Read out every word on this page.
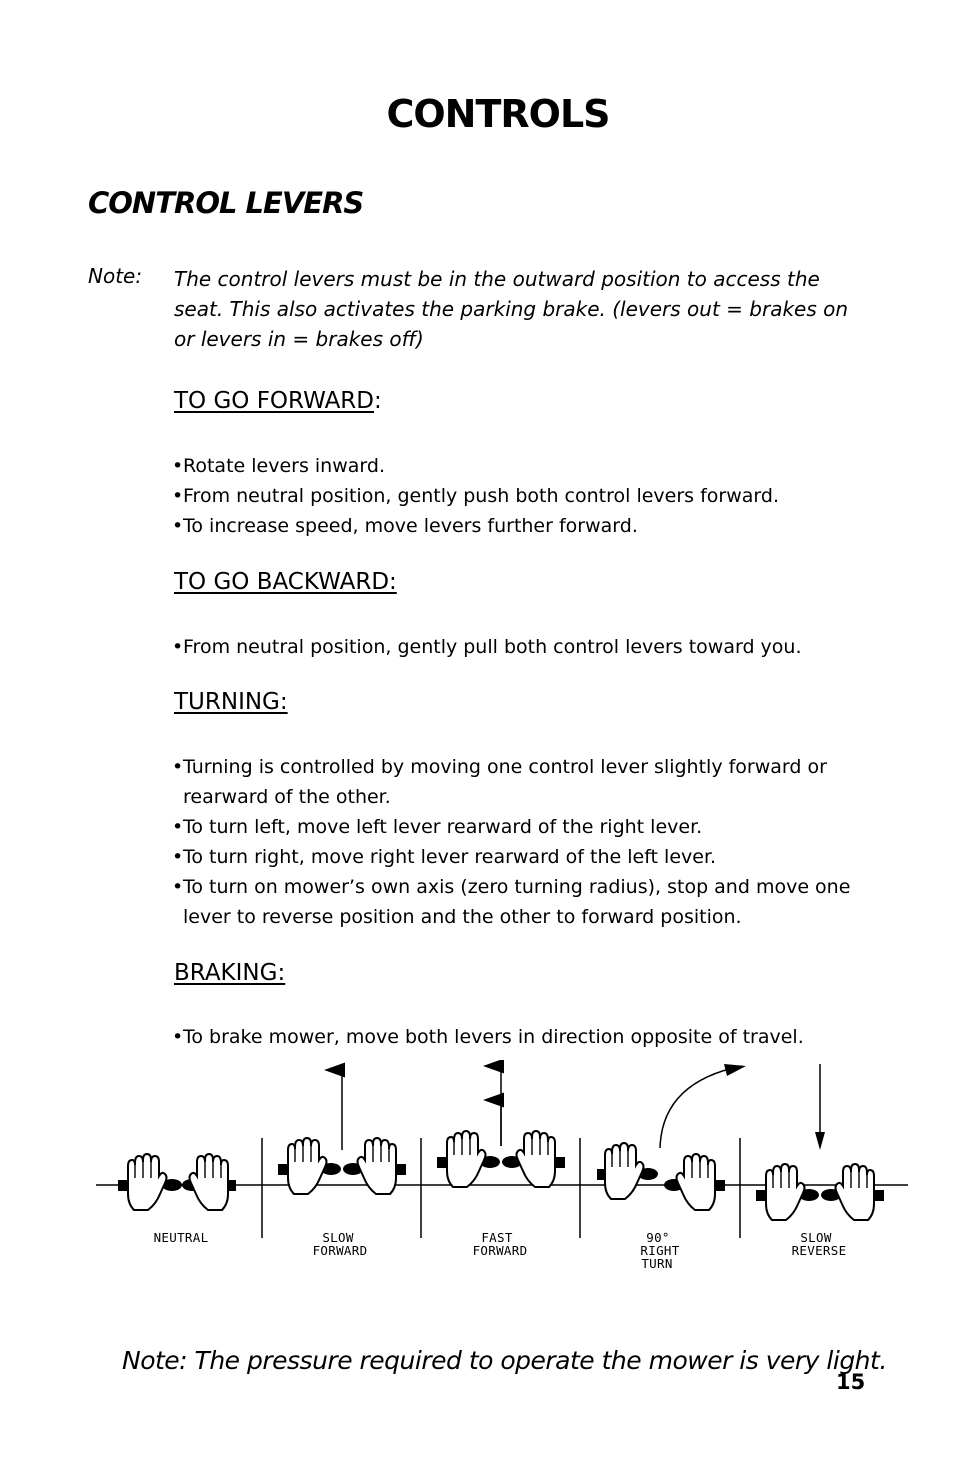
CONTROLS
CONTROL LEVERS
Note: The control levers must be in the outward position to access the seat. This also activates the parking brake. (levers out = brakes on or levers in = brakes off)
TO GO FORWARD:
• Rotate levers inward.
• From neutral position, gently push both control levers forward.
• To increase speed, move levers further forward.
TO GO BACKWARD:
• From neutral position, gently pull both control levers toward you.
TURNING:
• Turning is controlled by moving one control lever slightly forward or rearward of the other.
• To turn left, move left lever rearward of the right lever.
• To turn right, move right lever rearward of the left lever.
• To turn on mower’s own axis (zero turning radius), stop and move one lever to reverse position and the other to forward position.
BRAKING:
• To brake mower, move both levers in direction opposite of travel.
NEUTRAL	SLOW
FORWARD
FAST
FORWARD
90°
RIGHT
TURN
SLOW
REVERSE
Note: The pressure required to operate the mower is very light.
15
